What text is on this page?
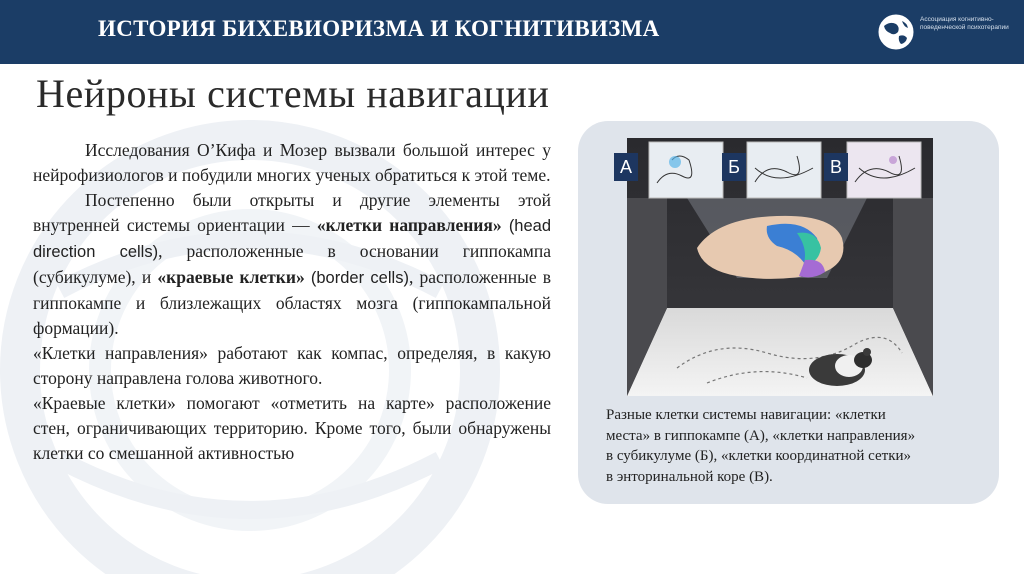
ИСТОРИЯ БИХЕВИОРИЗМА И КОГНИТИВИЗМА	Ассоциация когнитивно-поведенческой психотерапии
Нейроны системы навигации

Исследования О’Кифа и Мозер вызвали большой интерес у нейрофизиологов и побудили многих ученых обратиться к этой теме.

Постепенно были открыты и другие элементы этой внутренней системы ориентации — «клетки направления» (head direction cells), расположенные в основании гиппокампа (субикулуме), и «краевые клетки» (border cells), расположенные в гиппокампе и близлежащих областях мозга (гиппокампальной формации).

«Клетки направления» работают как компас, определяя, в какую сторону направлена голова животного.

«Краевые клетки» помогают «отметить на карте» расположение стен, ограничивающих территорию. Кроме того, были обнаружены клетки со смешанной активностью

А	Б	В
Разные клетки системы навигации: «клетки
места» в гиппокампе (А), «клетки направления»
в субикулуме (Б), «клетки координатной сетки»
в энторинальной коре (В).
